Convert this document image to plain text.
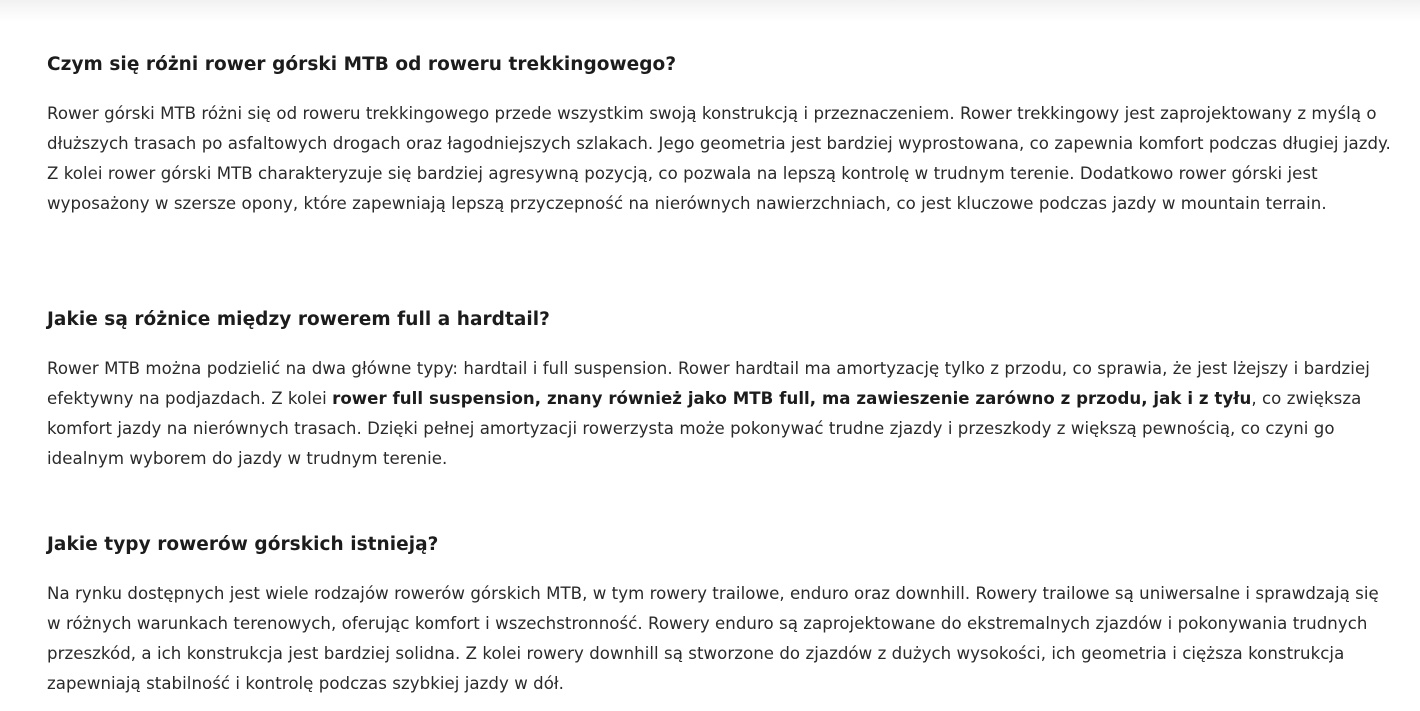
Czym się różni rower górski MTB od roweru trekkingowego?

Rower górski MTB różni się od roweru trekkingowego przede wszystkim swoją konstrukcją i przeznaczeniem. Rower trekkingowy jest zaprojektowany z myślą o dłuższych trasach po asfaltowych drogach oraz łagodniejszych szlakach. Jego geometria jest bardziej wyprostowana, co zapewnia komfort podczas długiej jazdy. Z kolei rower górski MTB charakteryzuje się bardziej agresywną pozycją, co pozwala na lepszą kontrolę w trudnym terenie. Dodatkowo rower górski jest wyposażony w szersze opony, które zapewniają lepszą przyczepność na nierównych nawierzchniach, co jest kluczowe podczas jazdy w mountain terrain.

Jakie są różnice między rowerem full a hardtail?

Rower MTB można podzielić na dwa główne typy: hardtail i full suspension. Rower hardtail ma amortyzację tylko z przodu, co sprawia, że jest lżejszy i bardziej efektywny na podjazdach. Z kolei rower full suspension, znany również jako MTB full, ma zawieszenie zarówno z przodu, jak i z tyłu, co zwiększa komfort jazdy na nierównych trasach. Dzięki pełnej amortyzacji rowerzysta może pokonywać trudne zjazdy i przeszkody z większą pewnością, co czyni go idealnym wyborem do jazdy w trudnym terenie.

Jakie typy rowerów górskich istnieją?

Na rynku dostępnych jest wiele rodzajów rowerów górskich MTB, w tym rowery trailowe, enduro oraz downhill. Rowery trailowe są uniwersalne i sprawdzają się w różnych warunkach terenowych, oferując komfort i wszechstronność. Rowery enduro są zaprojektowane do ekstremalnych zjazdów i pokonywania trudnych przeszkód, a ich konstrukcja jest bardziej solidna. Z kolei rowery downhill są stworzone do zjazdów z dużych wysokości, ich geometria i cięższa konstrukcja zapewniają stabilność i kontrolę podczas szybkiej jazdy w dół.
